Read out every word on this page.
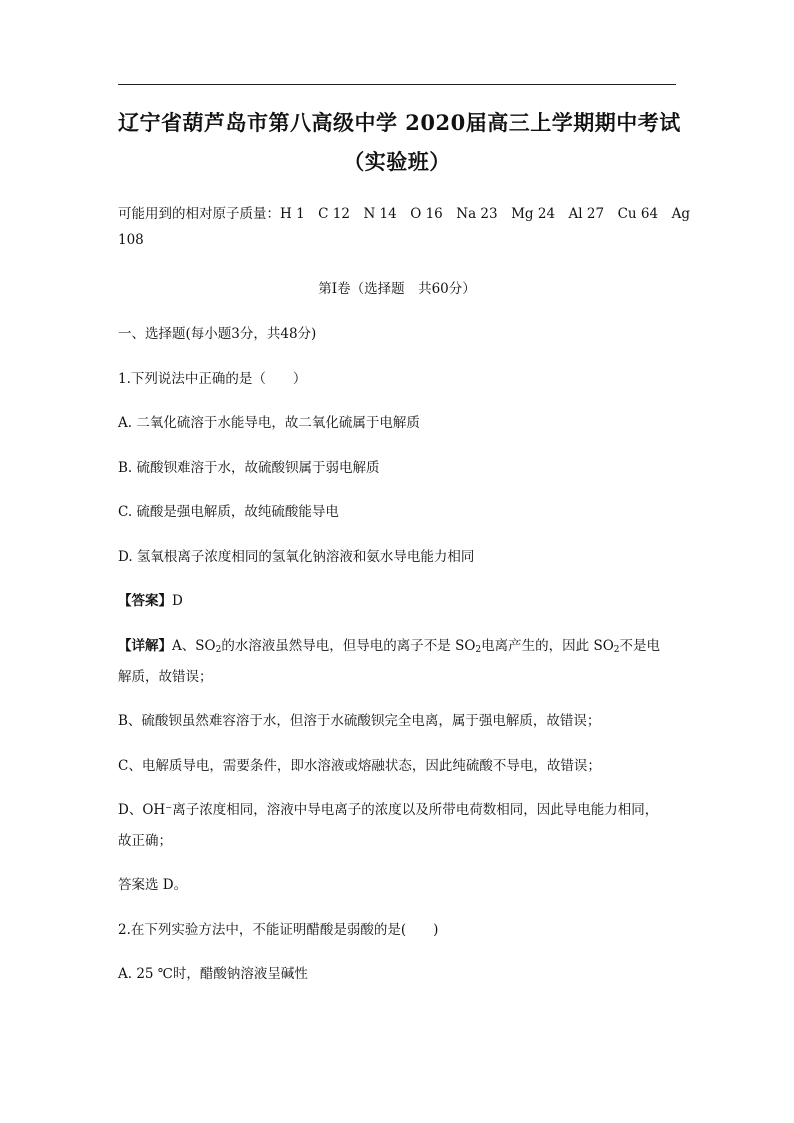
辽宁省葫芦岛市第八高级中学 2020届高三上学期期中考试
（实验班）
可能用到的相对原子质量：H 1　C 12　N 14　O 16　Na 23　Mg 24　Al 27　Cu 64　Ag
108
第Ⅰ卷（选择题　共60分）
一、选择题(每小题3分，共48分)
1.下列说法中正确的是（　　）
A. 二氧化硫溶于水能导电，故二氧化硫属于电解质
B. 硫酸钡难溶于水，故硫酸钡属于弱电解质
C. 硫酸是强电解质，故纯硫酸能导电
D. 氢氧根离子浓度相同的氢氧化钠溶液和氨水导电能力相同
【答案】D
【详解】A、$SO_2$的水溶液虽然导电，但导电的离子不是 $SO_2$电离产生的，因此 $SO_2$不是电
解质，故错误；
B、硫酸钡虽然难容溶于水，但溶于水硫酸钡完全电离，属于强电解质，故错误；
C、电解质导电，需要条件，即水溶液或熔融状态，因此纯硫酸不导电，故错误；
D、OH⁻离子浓度相同，溶液中导电离子的浓度以及所带电荷数相同，因此导电能力相同，
故正确；
答案选 D。
2.在下列实验方法中，不能证明醋酸是弱酸的是(　　)
A. 25 ℃时，醋酸钠溶液呈碱性
